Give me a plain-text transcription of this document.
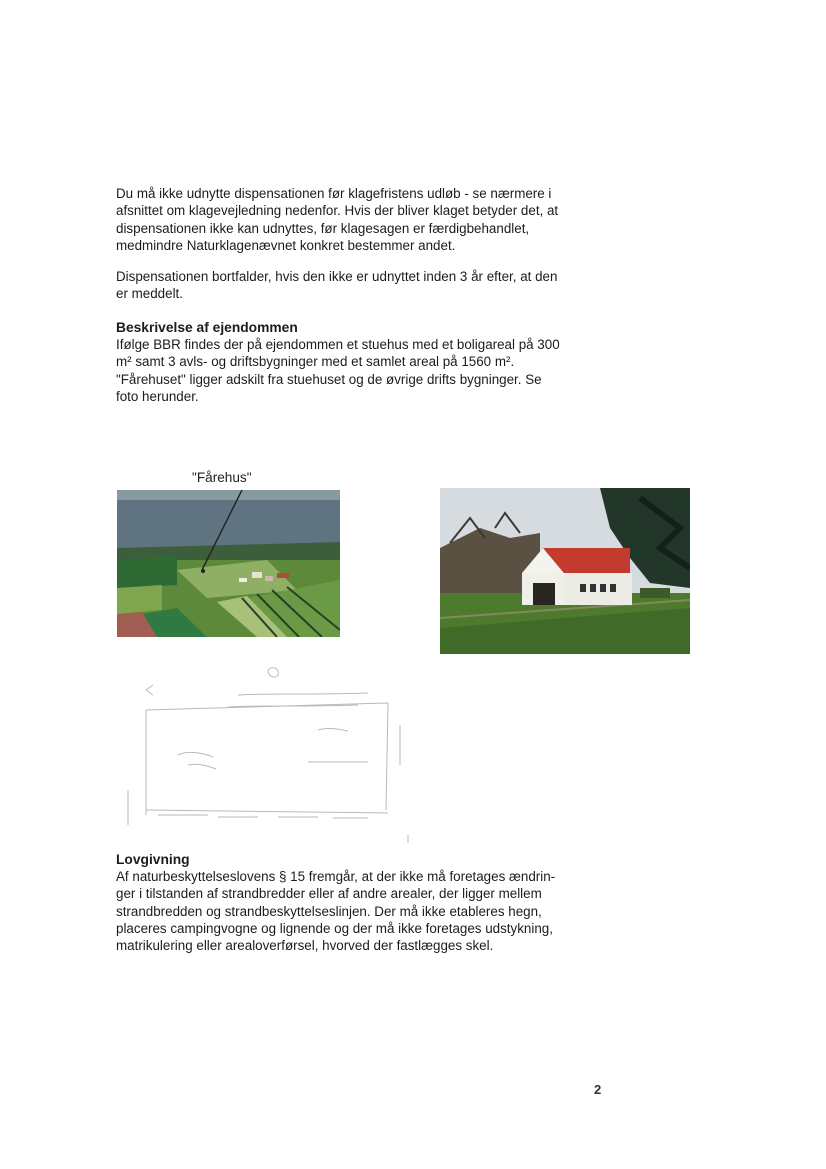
Du må ikke udnytte dispensationen før klagefristens udløb - se nærmere i
afsnittet om klagevejledning nedenfor. Hvis der bliver klaget betyder det, at
dispensationen ikke kan udnyttes, før klagesagen er færdigbehandlet,
medmindre Naturklagenævnet konkret bestemmer andet.

Dispensationen bortfalder, hvis den ikke er udnyttet inden 3 år efter, at den
er meddelt.

Beskrivelse af ejendommen

Ifølge BBR findes der på ejendommen et stuehus med et boligareal på 300
m² samt 3 avls- og driftsbygninger med et samlet areal på 1560 m².
"Fårehuset" ligger adskilt fra stuehuset og de øvrige drifts bygninger. Se
foto herunder.

"Fårehus"

Lovgivning

Af naturbeskyttelseslovens § 15 fremgår, at der ikke må foretages ændrin-
ger i tilstanden af strandbredder eller af andre arealer, der ligger mellem
strandbredden og strandbeskyttelseslinjen. Der må ikke etableres hegn,
placeres campingvogne og lignende og der må ikke foretages udstykning,
matrikulering eller arealoverførsel, hvorved der fastlægges skel.

2
